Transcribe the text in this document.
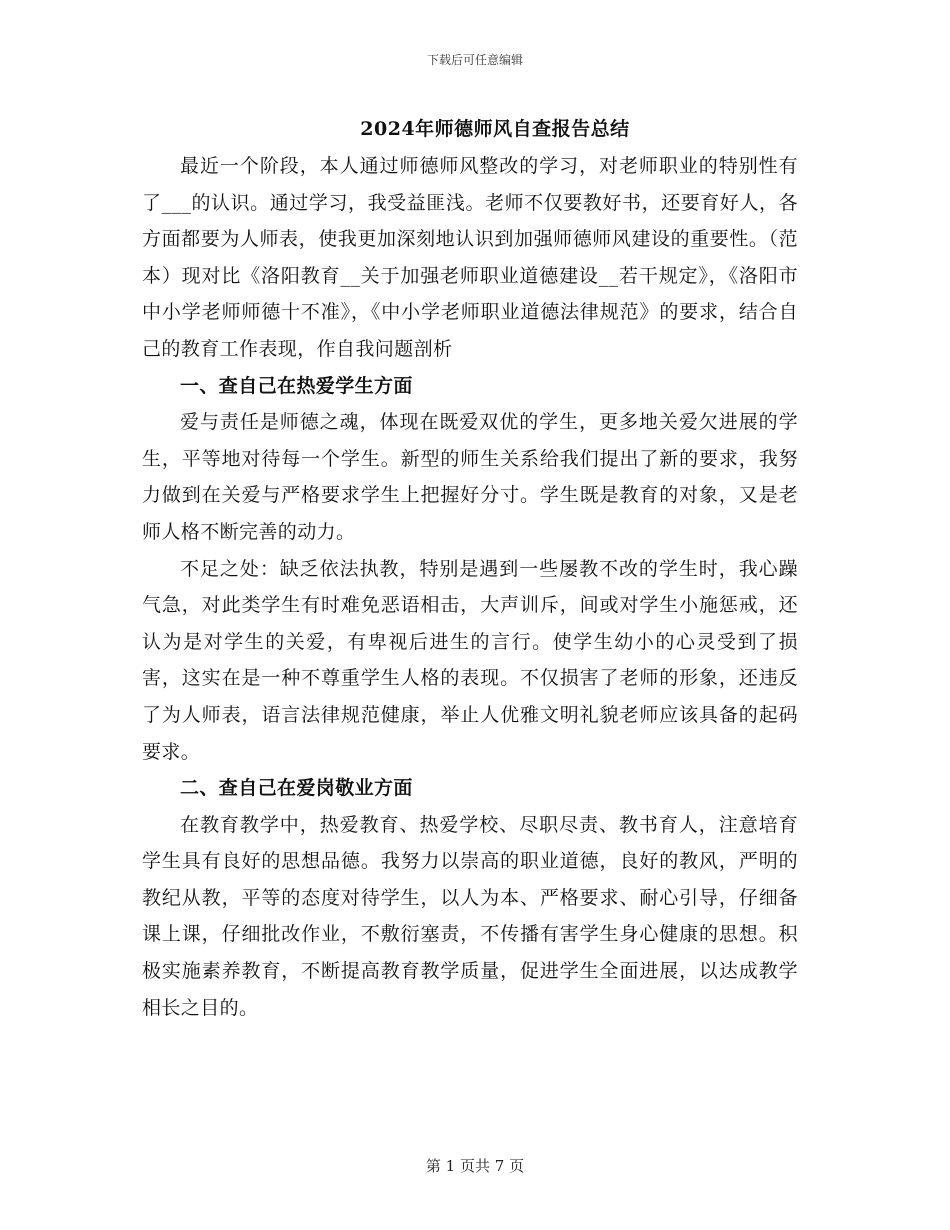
下载后可任意编辑
2024年师德师风自查报告总结

最近一个阶段，本人通过师德师风整改的学习，对老师职业的特别性有了___的认识。通过学习，我受益匪浅。老师不仅要教好书，还要育好人，各方面都要为人师表，使我更加深刻地认识到加强师德师风建设的重要性。（范本）现对比《洛阳教育__关于加强老师职业道德建设__若干规定》，《洛阳市中小学老师师德十不准》，《中小学老师职业道德法律规范》的要求，结合自己的教育工作表现，作自我问题剖析

一、查自己在热爱学生方面

爱与责任是师德之魂，体现在既爱双优的学生，更多地关爱欠进展的学生，平等地对待每一个学生。新型的师生关系给我们提出了新的要求，我努力做到在关爱与严格要求学生上把握好分寸。学生既是教育的对象，又是老师人格不断完善的动力。

不足之处：缺乏依法执教，特别是遇到一些屡教不改的学生时，我心躁气急，对此类学生有时难免恶语相击，大声训斥，间或对学生小施惩戒，还认为是对学生的关爱，有卑视后进生的言行。使学生幼小的心灵受到了损害，这实在是一种不尊重学生人格的表现。不仅损害了老师的形象，还违反了为人师表，语言法律规范健康，举止人优雅文明礼貌老师应该具备的起码要求。

二、查自己在爱岗敬业方面

在教育教学中，热爱教育、热爱学校、尽职尽责、教书育人，注意培育学生具有良好的思想品德。我努力以崇高的职业道德，良好的教风，严明的教纪从教，平等的态度对待学生，以人为本、严格要求、耐心引导，仔细备课上课，仔细批改作业，不敷衍塞责，不传播有害学生身心健康的思想。积极实施素养教育，不断提高教育教学质量，促进学生全面进展，以达成教学相长之目的。

第 1 页共 7 页
